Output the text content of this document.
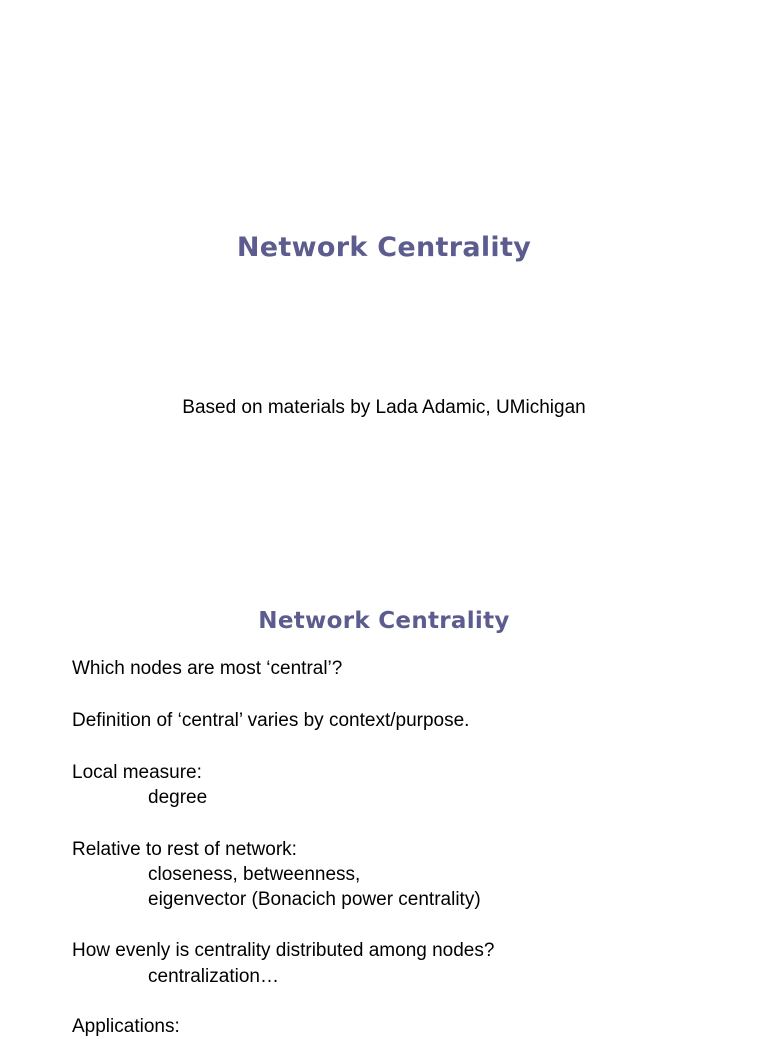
Network Centrality

Based on materials by Lada Adamic, UMichigan

Network Centrality

Which nodes are most ‘central’?

Definition of ‘central’ varies by context/purpose.

Local measure:

degree

Relative to rest of network:

closeness, betweenness,

eigenvector (Bonacich power centrality)

How evenly is centrality distributed among nodes?

centralization…

Applications:
